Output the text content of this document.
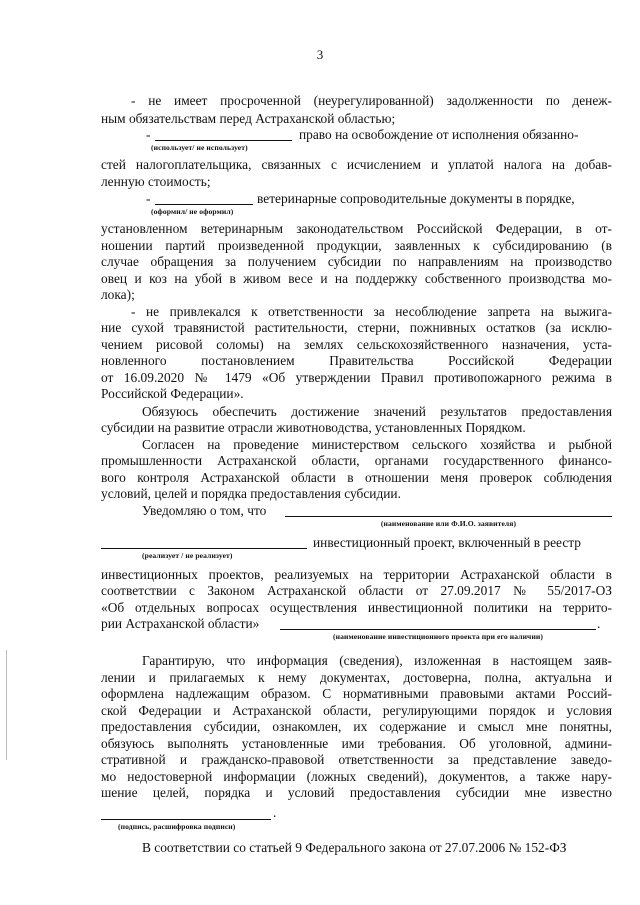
3
- не имеет просроченной (неурегулированной) задолженности по денеж-
ным обязательствам перед Астраханской областью;
-	право на освобождение от исполнения обязанно-
(использует/ не использует)
стей налогоплательщика, связанных с исчислением и уплатой налога на добав-
ленную стоимость;
-	ветеринарные сопроводительные документы в порядке,
(оформил/ не оформил)
установленном ветеринарным законодательством Российской Федерации, в от-
ношении партий произведенной продукции, заявленных к субсидированию (в
случае обращения за получением субсидии по направлениям на производство
овец и коз на убой в живом весе и на поддержку собственного производства мо-
лока);
- не привлекался к ответственности за несоблюдение запрета на выжига-
ние сухой травянистой растительности, стерни, пожнивных остатков (за исклю-
чением рисовой соломы) на землях сельскохозяйственного назначения, уста-
новленного постановлением Правительства Российской Федерации
от 16.09.2020 № 1479 «Об утверждении Правил противопожарного режима в
Российской Федерации».
Обязуюсь обеспечить достижение значений результатов предоставления
субсидии на развитие отрасли животноводства, установленных Порядком.
Согласен на проведение министерством сельского хозяйства и рыбной
промышленности Астраханской области, органами государственного финансо-
вого контроля Астраханской области в отношении меня проверок соблюдения
условий, целей и порядка предоставления субсидии.
Уведомляю о том, что
(наименование или Ф.И.О. заявителя)
инвестиционный проект, включенный в реестр
(реализует / не реализует)
инвестиционных проектов, реализуемых на территории Астраханской области в
соответствии с Законом Астраханской области от 27.09.2017 № 55/2017-ОЗ
«Об отдельных вопросах осуществления инвестиционной политики на террито-
рии Астраханской области»	.
(наименование инвестиционного проекта при его наличии)
Гарантирую, что информация (сведения), изложенная в настоящем заяв-
лении и прилагаемых к нему документах, достоверна, полна, актуальна и
оформлена надлежащим образом. С нормативными правовыми актами Россий-
ской Федерации и Астраханской области, регулирующими порядок и условия
предоставления субсидии, ознакомлен, их содержание и смысл мне понятны,
обязуюсь выполнять установленные ими требования. Об уголовной, админи-
стративной и гражданско-правовой ответственности за представление заведо-
мо недостоверной информации (ложных сведений), документов, а также нару-
шение целей, порядка и условий предоставления субсидии мне известно
.
(подпись, расшифровка подписи)
В соответствии со статьей 9 Федерального закона от 27.07.2006 № 152-ФЗ
